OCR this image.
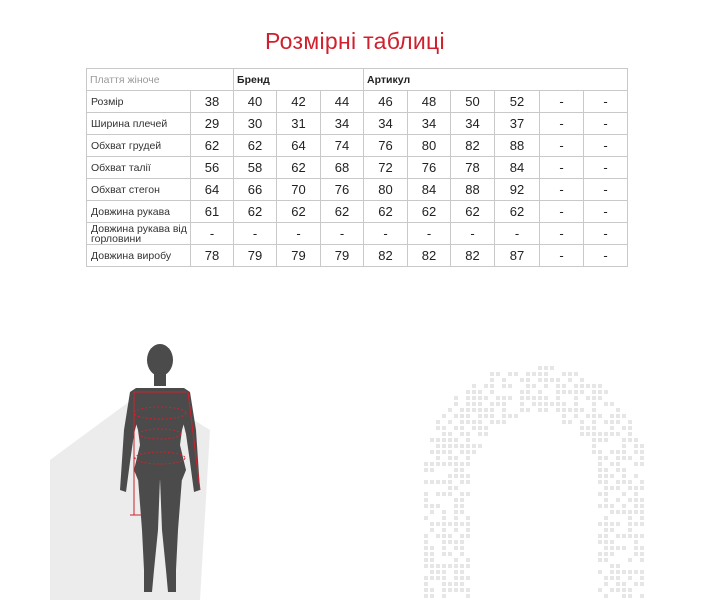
Розмірні таблиці
Плаття жіноче		Бренд			Артикул					
Розмір	38	40	42	44	46	48	50	52	-	-
Ширина плечей	29	30	31	34	34	34	34	37	-	-
Обхват грудей	62	62	64	74	76	80	82	88	-	-
Обхват талії	56	58	62	68	72	76	78	84	-	-
Обхват стегон	64	66	70	76	80	84	88	92	-	-
Довжина рукава	61	62	62	62	62	62	62	62	-	-
Довжина рукава від горловини	-	-	-	-	-	-	-	-	-	-
Довжина виробу	78	79	79	79	82	82	82	87	-	-
